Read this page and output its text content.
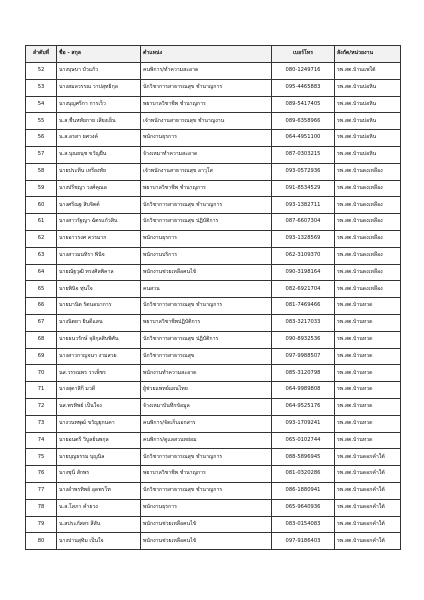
ลำดับที่	ชื่อ - สกุล	ตำแหน่ง	เบอร์โทร	สังกัด/หน่วยงาน
52	นางบุษบา บัวแก้ว	คนพิการ/ทำความสะอาด	080-1249716	รพ.สต.บ้านแพใต้
53	นางสมลวรรณ วาปสุทธิกุล	นักวิชาการสาธารณสุข ชำนาญการ	095-4465883	รพ.สต.บ้านบ่อหิน
54	นางบุญศรีกา การเร็ว	พยาบาลวิชาชีพ ชำนาญการ	089-5417405	รพ.สต.บ้านบ่อหิน
55	น.ส.ชื่นหทัยกาย เสียงเย็น	เจ้าพนักงานสาธารณสุข ชำนาญงาน	089-6358966	รพ.สต.บ้านบ่อหิน
56	น.ส.อรสา ยศวงค์	พนักงานธุรการ	064-4951100	รพ.สต.บ้านบ่อหิน
57	น.ส.บุณยนุช ขวัญยืน	จ้างเหมาทำความสะอาด	087-0303215	รพ.สต.บ้านบ่อหิน
58	นายประทีน เหรียงทัย	เจ้าพนักงานสาธารณสุข อาวุโส	093-0572936	รพ.สต.บ้านดงเหลือง
59	นางปรีชญา วงศ์คุณล	พยาบาลวิชาชีพ ชำนาญการ	091-8534529	รพ.สต.บ้านดงเหลือง
60	นางศรีณฐ สิบจิตต์	นักวิชาการสาธารณสุข ชำนาญการ	093-1382711	รพ.สต.บ้านดงเหลือง
61	นางสาวรัฐญา ฉัตรแก้วสิน	นักวิชาการสาธารณสุข ปฏิบัติการ	087-6607304	รพ.สต.บ้านดงเหลือง
62	นายอาวรงศ ควรมาก	พนักงานธุรการ	093-1328569	รพ.สต.บ้านดงเหลือง
63	นางสาวมนทิรา พินิจ	พนักงานบริการ	062-3109370	รพ.สต.บ้านดงเหลือง
64	นายณัฐวุฒิ ทรงศิลพิคาล	พนักงานช่วยเหลือคนไข้	090-3198164	รพ.สต.บ้านดงเหลือง
65	นายพินิจ ทุ่นใจ	คนสวน	082-6921704	รพ.สต.บ้านดงเหลือง
66	นายมานิต รัตนอนาการ	นักวิชาการสาธารณสุข ชำนาญการ	081-7469466	รพ.สต.บ้านหวด
67	นางนิตยา ยินดีแสน	พยาบาลวิชาชีพปฏิบัติการ	083-3217033	รพ.สต.บ้านหวด
68	นายธนวรักษ์ จุลิกุลสิบพิศัน	นักวิชาการสาธารณสุข ปฏิบัติการ	090-8932536	รพ.สต.บ้านหวด
69	นางสาวกาญจนา งามสวย	นักวิชาการสาธารณสุข	097-9988507	รพ.สต.บ้านหวด
70	นส.วรรณพร วาเพ็ชร	พนักงานทำความสะอาด	085-3120798	รพ.สต.บ้านหวด
71	นางสุดาสิกี มวดี	ผู้ช่วยแพทย์แผนไทย	064-9989808	รพ.สต.บ้านหวด
72	นส.พรทิพย์ เป็นใจง	จ้างเหมาบันทึกข้อมูล	064-9525176	รพ.สต.บ้านหวด
73	นางวนทพุฒ์ ขวัญยุกนคา	คนพิการ/จัดเก็บเอกสาร	093-1709241	รพ.สต.บ้านหวด
74	นายอนตรี วิบูลย์นพกุล	คนพิการ/ดูแลสวนหย่อม	065-0102744	รพ.สต.บ้านหวด
75	นายบุญธรรม บุญนิล	นักวิชาการสาธารณสุข ชำนาญการ	088-5896945	รพ.สต.บ้านดอกคำใต้
76	นางชุนี สักพร	พยาบาลวิชาชีพ ชำนาญการ	081-0320286	รพ.สต.บ้านดอกคำใต้
77	นางอำพรทิพย์ อุดพรโท	นักวิชาการสาธารณสุข ชำนาญการ	086-1880941	รพ.สต.บ้านดอกคำใต้
78	น.ส.โสภา คำยวง	พนักงานธุรการ	065-9640936	รพ.สต.บ้านดอกคำใต้
79	น.สประภัสสร สีสัน	พนักงานช่วยเหลือคนไข้	083-0154083	รพ.สต.บ้านดอกคำใต้
80	นางปานสุทิม เป็นใจ	พนักงานช่วยเหลือคนไข้	097-9186403	รพ.สต.บ้านดอกคำใต้
